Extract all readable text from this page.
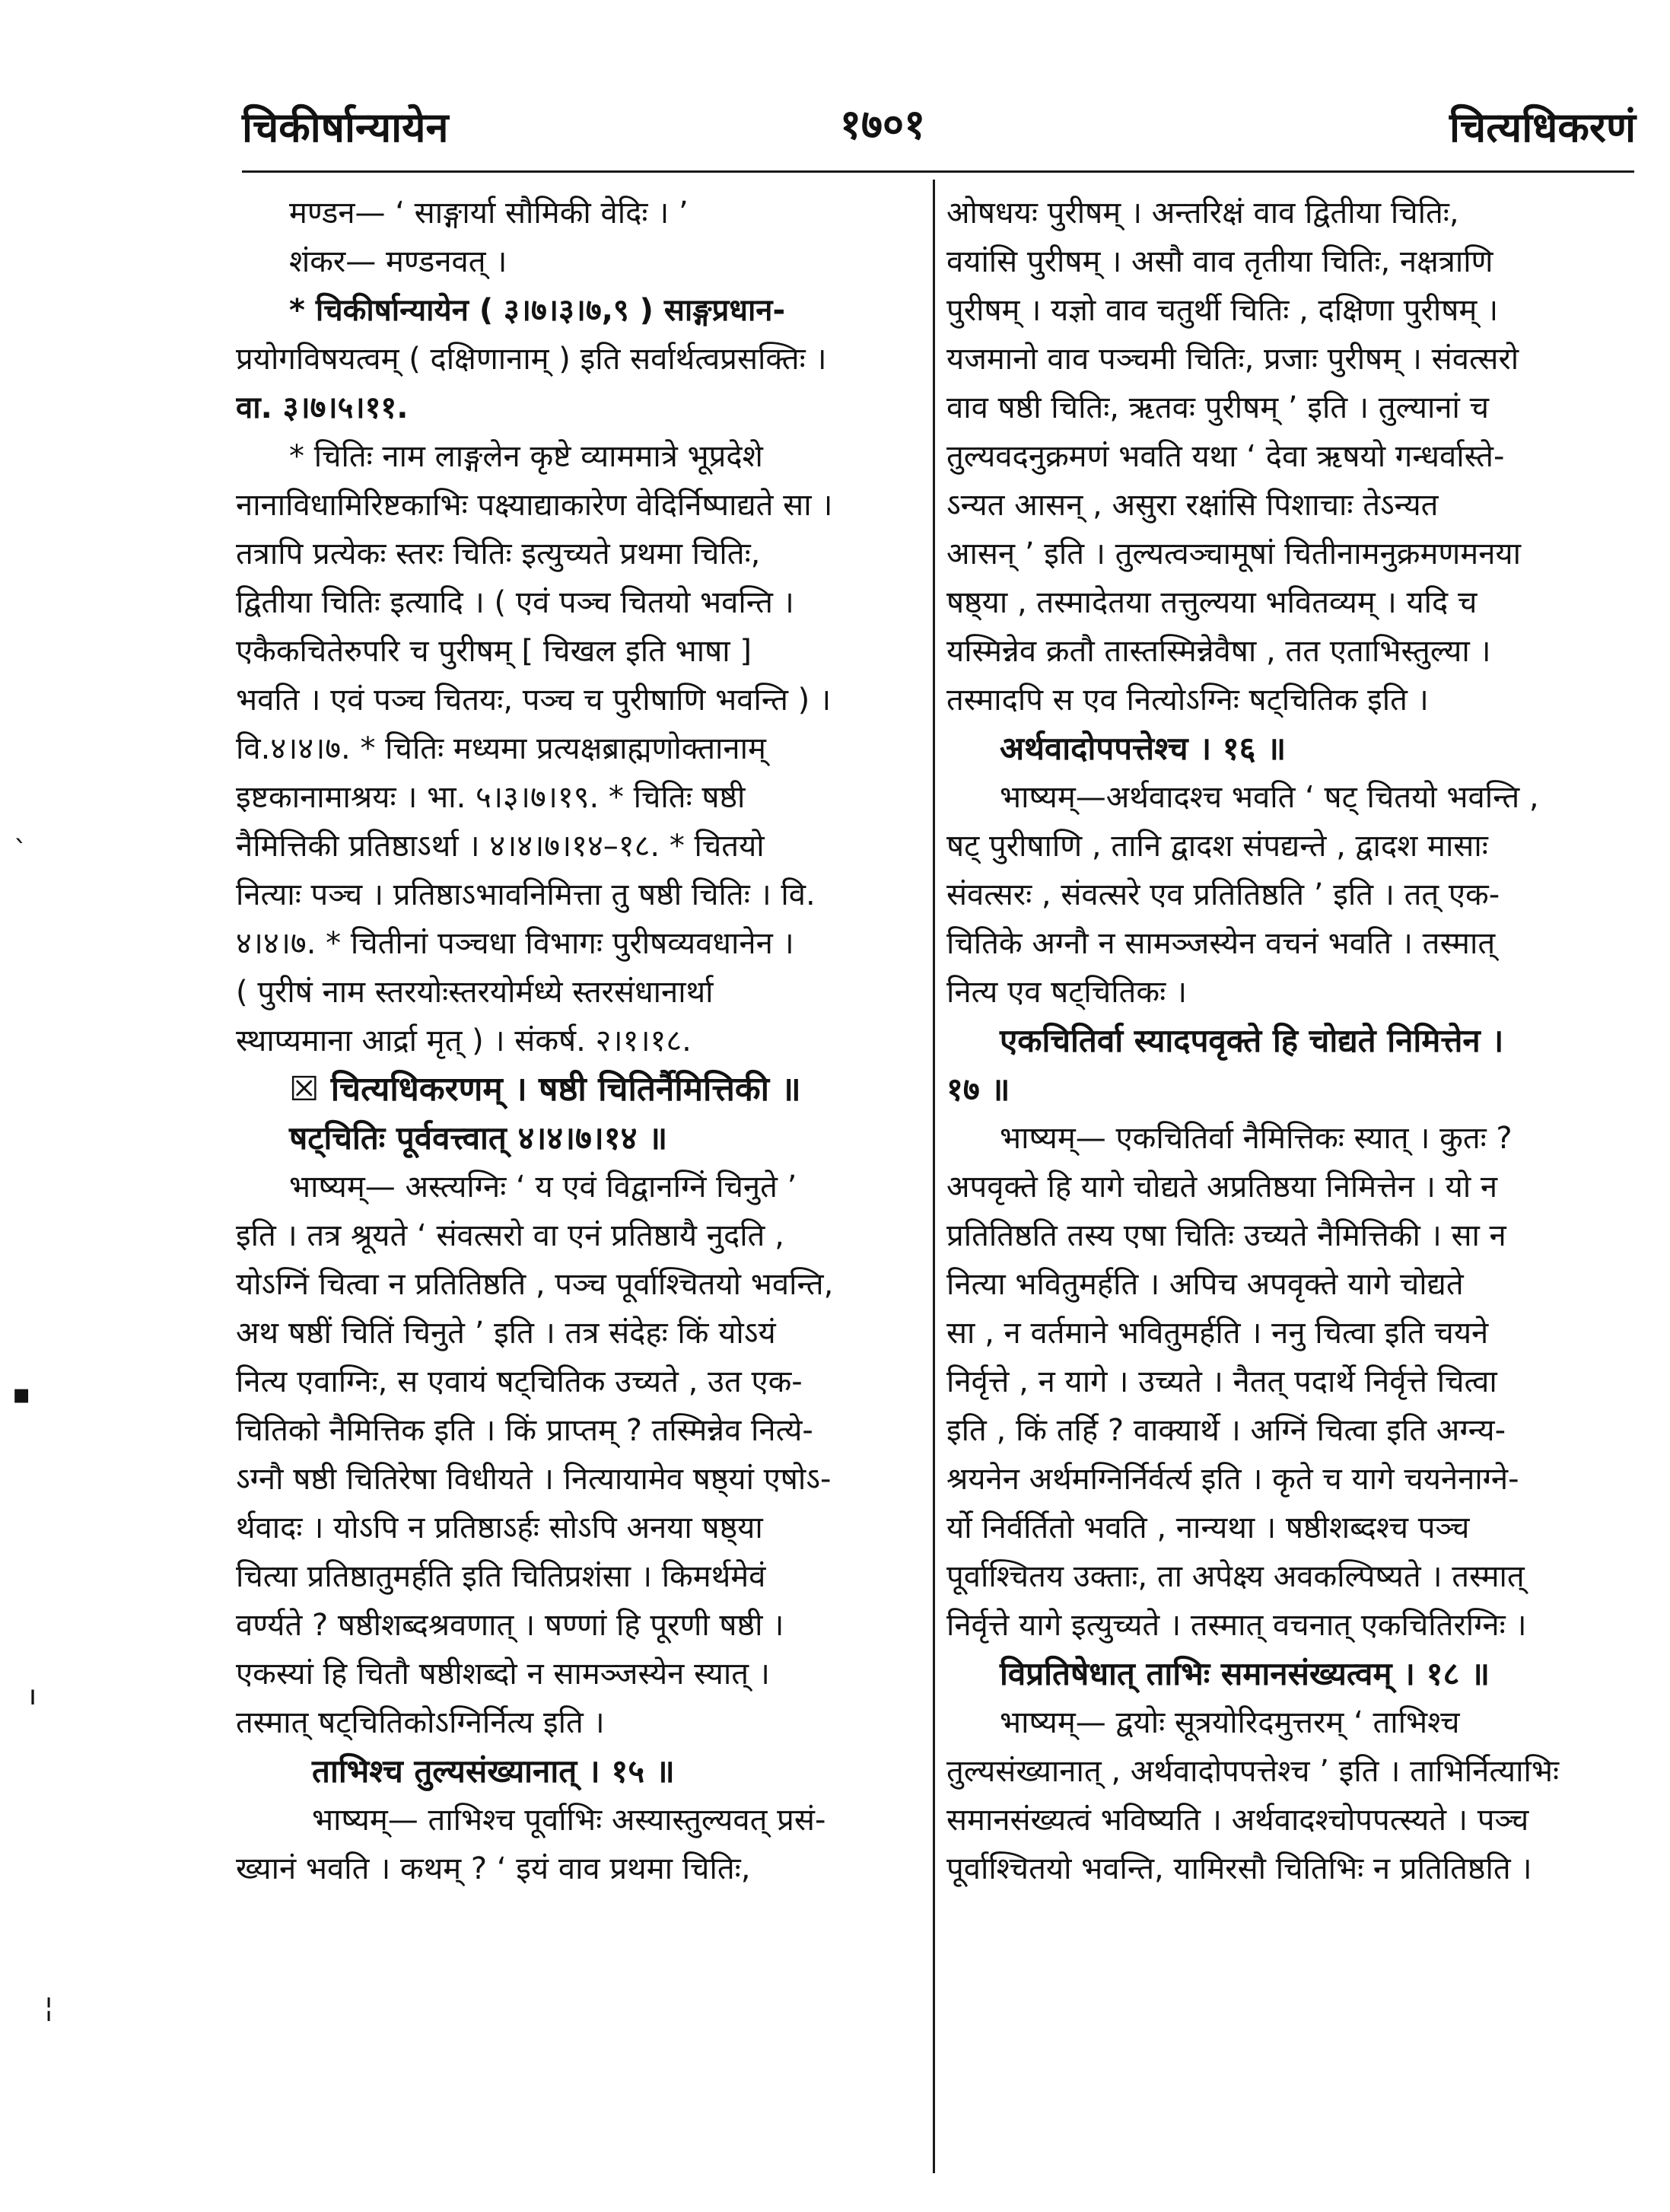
चिकीर्षान्यायेन	१७०१	चित्यधिकरणं
ˋ
▪
ı
¦
मण्डन— ‘ साङ्गार्या सौमिकी वेदिः । ’
शंकर— मण्डनवत् ।
* चिकीर्षान्यायेन ( ३।७।३।७,९ ) साङ्गप्रधान-
प्रयोगविषयत्वम् ( दक्षिणानाम् ) इति सर्वार्थत्वप्रसक्तिः ।
वा. ३।७।५।११.
* चितिः नाम लाङ्गलेन कृष्टे व्याममात्रे भूप्रदेशे
नानाविधामिरिष्टकाभिः पक्ष्याद्याकारेण वेदिर्निष्पाद्यते सा ।
तत्रापि प्रत्येकः स्तरः चितिः इत्युच्यते प्रथमा चितिः,
द्वितीया चितिः इत्यादि । ( एवं पञ्च चितयो भवन्ति ।
एकैकचितेरुपरि च पुरीषम् [ चिखल इति भाषा ]
भवति । एवं पञ्च चितयः, पञ्च च पुरीषाणि भवन्ति ) ।
वि.४।४।७. * चितिः मध्यमा प्रत्यक्षब्राह्मणोक्तानाम्
इष्टकानामाश्रयः । भा. ५।३।७।१९. * चितिः षष्ठी
नैमित्तिकी प्रतिष्ठाऽर्था । ४।४।७।१४–१८. * चितयो
नित्याः पञ्च । प्रतिष्ठाऽभावनिमित्ता तु षष्ठी चितिः । वि.
४।४।७. * चितीनां पञ्चधा विभागः पुरीषव्यवधानेन ।
( पुरीषं नाम स्तरयोःस्तरयोर्मध्ये स्तरसंधानार्था
स्थाप्यमाना आर्द्रा मृत् ) । संकर्ष. २।१।१८.
☒ चित्यधिकरणम् । षष्ठी चितिर्नैमित्तिकी ॥
षट्चितिः पूर्ववत्त्वात् ४।४।७।१४ ॥
भाष्यम्— अस्त्यग्निः ‘ य एवं विद्वानग्निं चिनुते ’
इति । तत्र श्रूयते ‘ संवत्सरो वा एनं प्रतिष्ठायै नुदति ,
योऽग्निं चित्वा न प्रतितिष्ठति , पञ्च पूर्वाश्चितयो भवन्ति,
अथ षष्ठीं चितिं चिनुते ’ इति । तत्र संदेहः किं योऽयं
नित्य एवाग्निः, स एवायं षट्चितिक उच्यते , उत एक-
चितिको नैमित्तिक इति । किं प्राप्तम् ? तस्मिन्नेव नित्ये-
ऽग्नौ षष्ठी चितिरेषा विधीयते । नित्यायामेव षष्ठ्यां एषोऽ-
र्थवादः । योऽपि न प्रतिष्ठाऽर्हः सोऽपि अनया षष्ठ्या
चित्या प्रतिष्ठातुमर्हति इति चितिप्रशंसा । किमर्थमेवं
वर्ण्यते ? षष्ठीशब्दश्रवणात् । षण्णां हि पूरणी षष्ठी ।
एकस्यां हि चितौ षष्ठीशब्दो न सामञ्जस्येन स्यात् ।
तस्मात् षट्चितिकोऽग्निर्नित्य इति ।
ताभिश्च तुल्यसंख्यानात् । १५ ॥
भाष्यम्— ताभिश्च पूर्वाभिः अस्यास्तुल्यवत् प्रसं-
ख्यानं भवति । कथम् ? ‘ इयं वाव प्रथमा चितिः,
ओषधयः पुरीषम् । अन्तरिक्षं वाव द्वितीया चितिः,
वयांसि पुरीषम् । असौ वाव तृतीया चितिः, नक्षत्राणि
पुरीषम् । यज्ञो वाव चतुर्थी चितिः , दक्षिणा पुरीषम् ।
यजमानो वाव पञ्चमी चितिः, प्रजाः पुरीषम् । संवत्सरो
वाव षष्ठी चितिः, ऋतवः पुरीषम् ’ इति । तुल्यानां च
तुल्यवदनुक्रमणं भवति यथा ‘ देवा ऋषयो गन्धर्वास्ते-
ऽन्यत आसन् , असुरा रक्षांसि पिशाचाः तेऽन्यत
आसन् ’ इति । तुल्यत्वञ्चामूषां चितीनामनुक्रमणमनया
षष्ठ्या , तस्मादेतया तत्तुल्यया भवितव्यम् । यदि च
यस्मिन्नेव क्रतौ तास्तस्मिन्नेवैषा , तत एताभिस्तुल्या ।
तस्मादपि स एव नित्योऽग्निः षट्चितिक इति ।
अर्थवादोपपत्तेश्च । १६ ॥
भाष्यम्—अर्थवादश्च भवति ‘ षट् चितयो भवन्ति ,
षट् पुरीषाणि , तानि द्वादश संपद्यन्ते , द्वादश मासाः
संवत्सरः , संवत्सरे एव प्रतितिष्ठति ’ इति । तत् एक-
चितिके अग्नौ न सामञ्जस्येन वचनं भवति । तस्मात्
नित्य एव षट्चितिकः ।
एकचितिर्वा स्यादपवृक्ते हि चोद्यते निमित्तेन ।
१७ ॥
भाष्यम्— एकचितिर्वा नैमित्तिकः स्यात् । कुतः ?
अपवृक्ते हि यागे चोद्यते अप्रतिष्ठया निमित्तेन । यो न
प्रतितिष्ठति तस्य एषा चितिः उच्यते नैमित्तिकी । सा न
नित्या भवितुमर्हति । अपिच अपवृक्ते यागे चोद्यते
सा , न वर्तमाने भवितुमर्हति । ननु चित्वा इति चयने
निर्वृत्ते , न यागे । उच्यते । नैतत् पदार्थे निर्वृत्ते चित्वा
इति , किं तर्हि ? वाक्यार्थे । अग्निं चित्वा इति अग्न्य-
श्रयनेन अर्थमग्निर्निर्वर्त्य इति । कृते च यागे चयनेनाग्ने-
र्यो निर्वर्तितो भवति , नान्यथा । षष्ठीशब्दश्च पञ्च
पूर्वाश्चितय उक्ताः, ता अपेक्ष्य अवकल्पिष्यते । तस्मात्
निर्वृत्ते यागे इत्युच्यते । तस्मात् वचनात् एकचितिरग्निः ।
विप्रतिषेधात् ताभिः समानसंख्यत्वम् । १८ ॥
भाष्यम्— द्वयोः सूत्रयोरिदमुत्तरम् ‘ ताभिश्च
तुल्यसंख्यानात् , अर्थवादोपपत्तेश्च ’ इति । ताभिर्नित्याभिः
समानसंख्यत्वं भविष्यति । अर्थवादश्चोपपत्स्यते । पञ्च
पूर्वाश्चितयो भवन्ति, यामिरसौ चितिभिः न प्रतितिष्ठति ।
